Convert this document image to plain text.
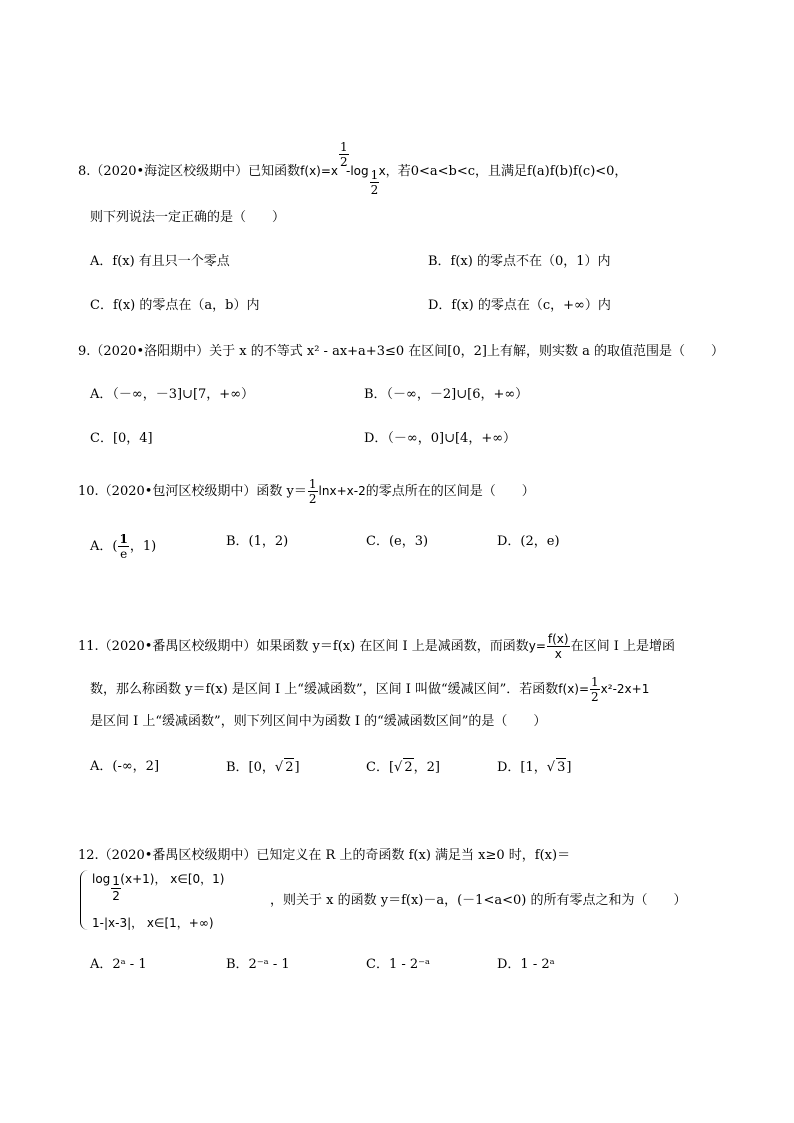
8.（2020•海淀区校级期中）已知函数f(x)=x
$\frac{1}{2}$
$-\log \frac{1}{2}$ x，若0<a<b<c，且满足f(a)f(b)f(c)<0，
则下列说法一定正确的是（　　）
A．f(x) 有且只一个零点	B．f(x) 的零点不在（0，1）内
C．f(x) 的零点在（a，b）内	D．f(x) 的零点在（c，+∞）内
9.（2020•洛阳期中）关于 x 的不等式 x² - ax+a+3≤0 在区间[0，2]上有解，则实数 a 的取值范围是（　　）
A．（－∞，－3]∪[7，+∞）	B．（－∞，－2]∪[6，+∞）
C．[0，4]	D．（－∞，0]∪[4，+∞）
10.（2020•包河区校级期中）函数 $y= \frac{1}{2} \ln x+x-2$的零点所在的区间是（　　）
A．( $\frac{1}{e}$ ，1)	B．(1，2)	C．(e，3)	D．(2，e)
11.（2020•番禺区校级期中）如果函数 y＝f(x) 在区间 I 上是减函数，而函数$y= \frac{f(x)}{x}$ 在区间 I 上是增函
数，那么称函数 y＝f(x) 是区间 I 上“缓减函数”，区间 I 叫做“缓减区间”．若函数$f(x)= \frac{1}{2} x^2-2x+1$
是区间 I 上“缓减函数”，则下列区间中为函数 I 的“缓减函数区间”的是（　　）
A．(-∞，2]	B．[0，√ 2]	C．[√ 2，2]	D．[1，√ 3]
12.（2020•番禺区校级期中）已知定义在 R 上的奇函数 f(x) 满足当 x≥0 时，f(x)＝
$\log \frac{1}{2} (x+1)$， x∈[0，1)
1-|x-3|， x∈[1，+∞)
，则关于 x 的函数 y＝f(x)－a，(－1<a<0) 的所有零点之和为（　　）
A．2ᵃ - 1	B．2⁻ᵃ - 1	C．1 - 2⁻ᵃ	D．1 - 2ᵃ
